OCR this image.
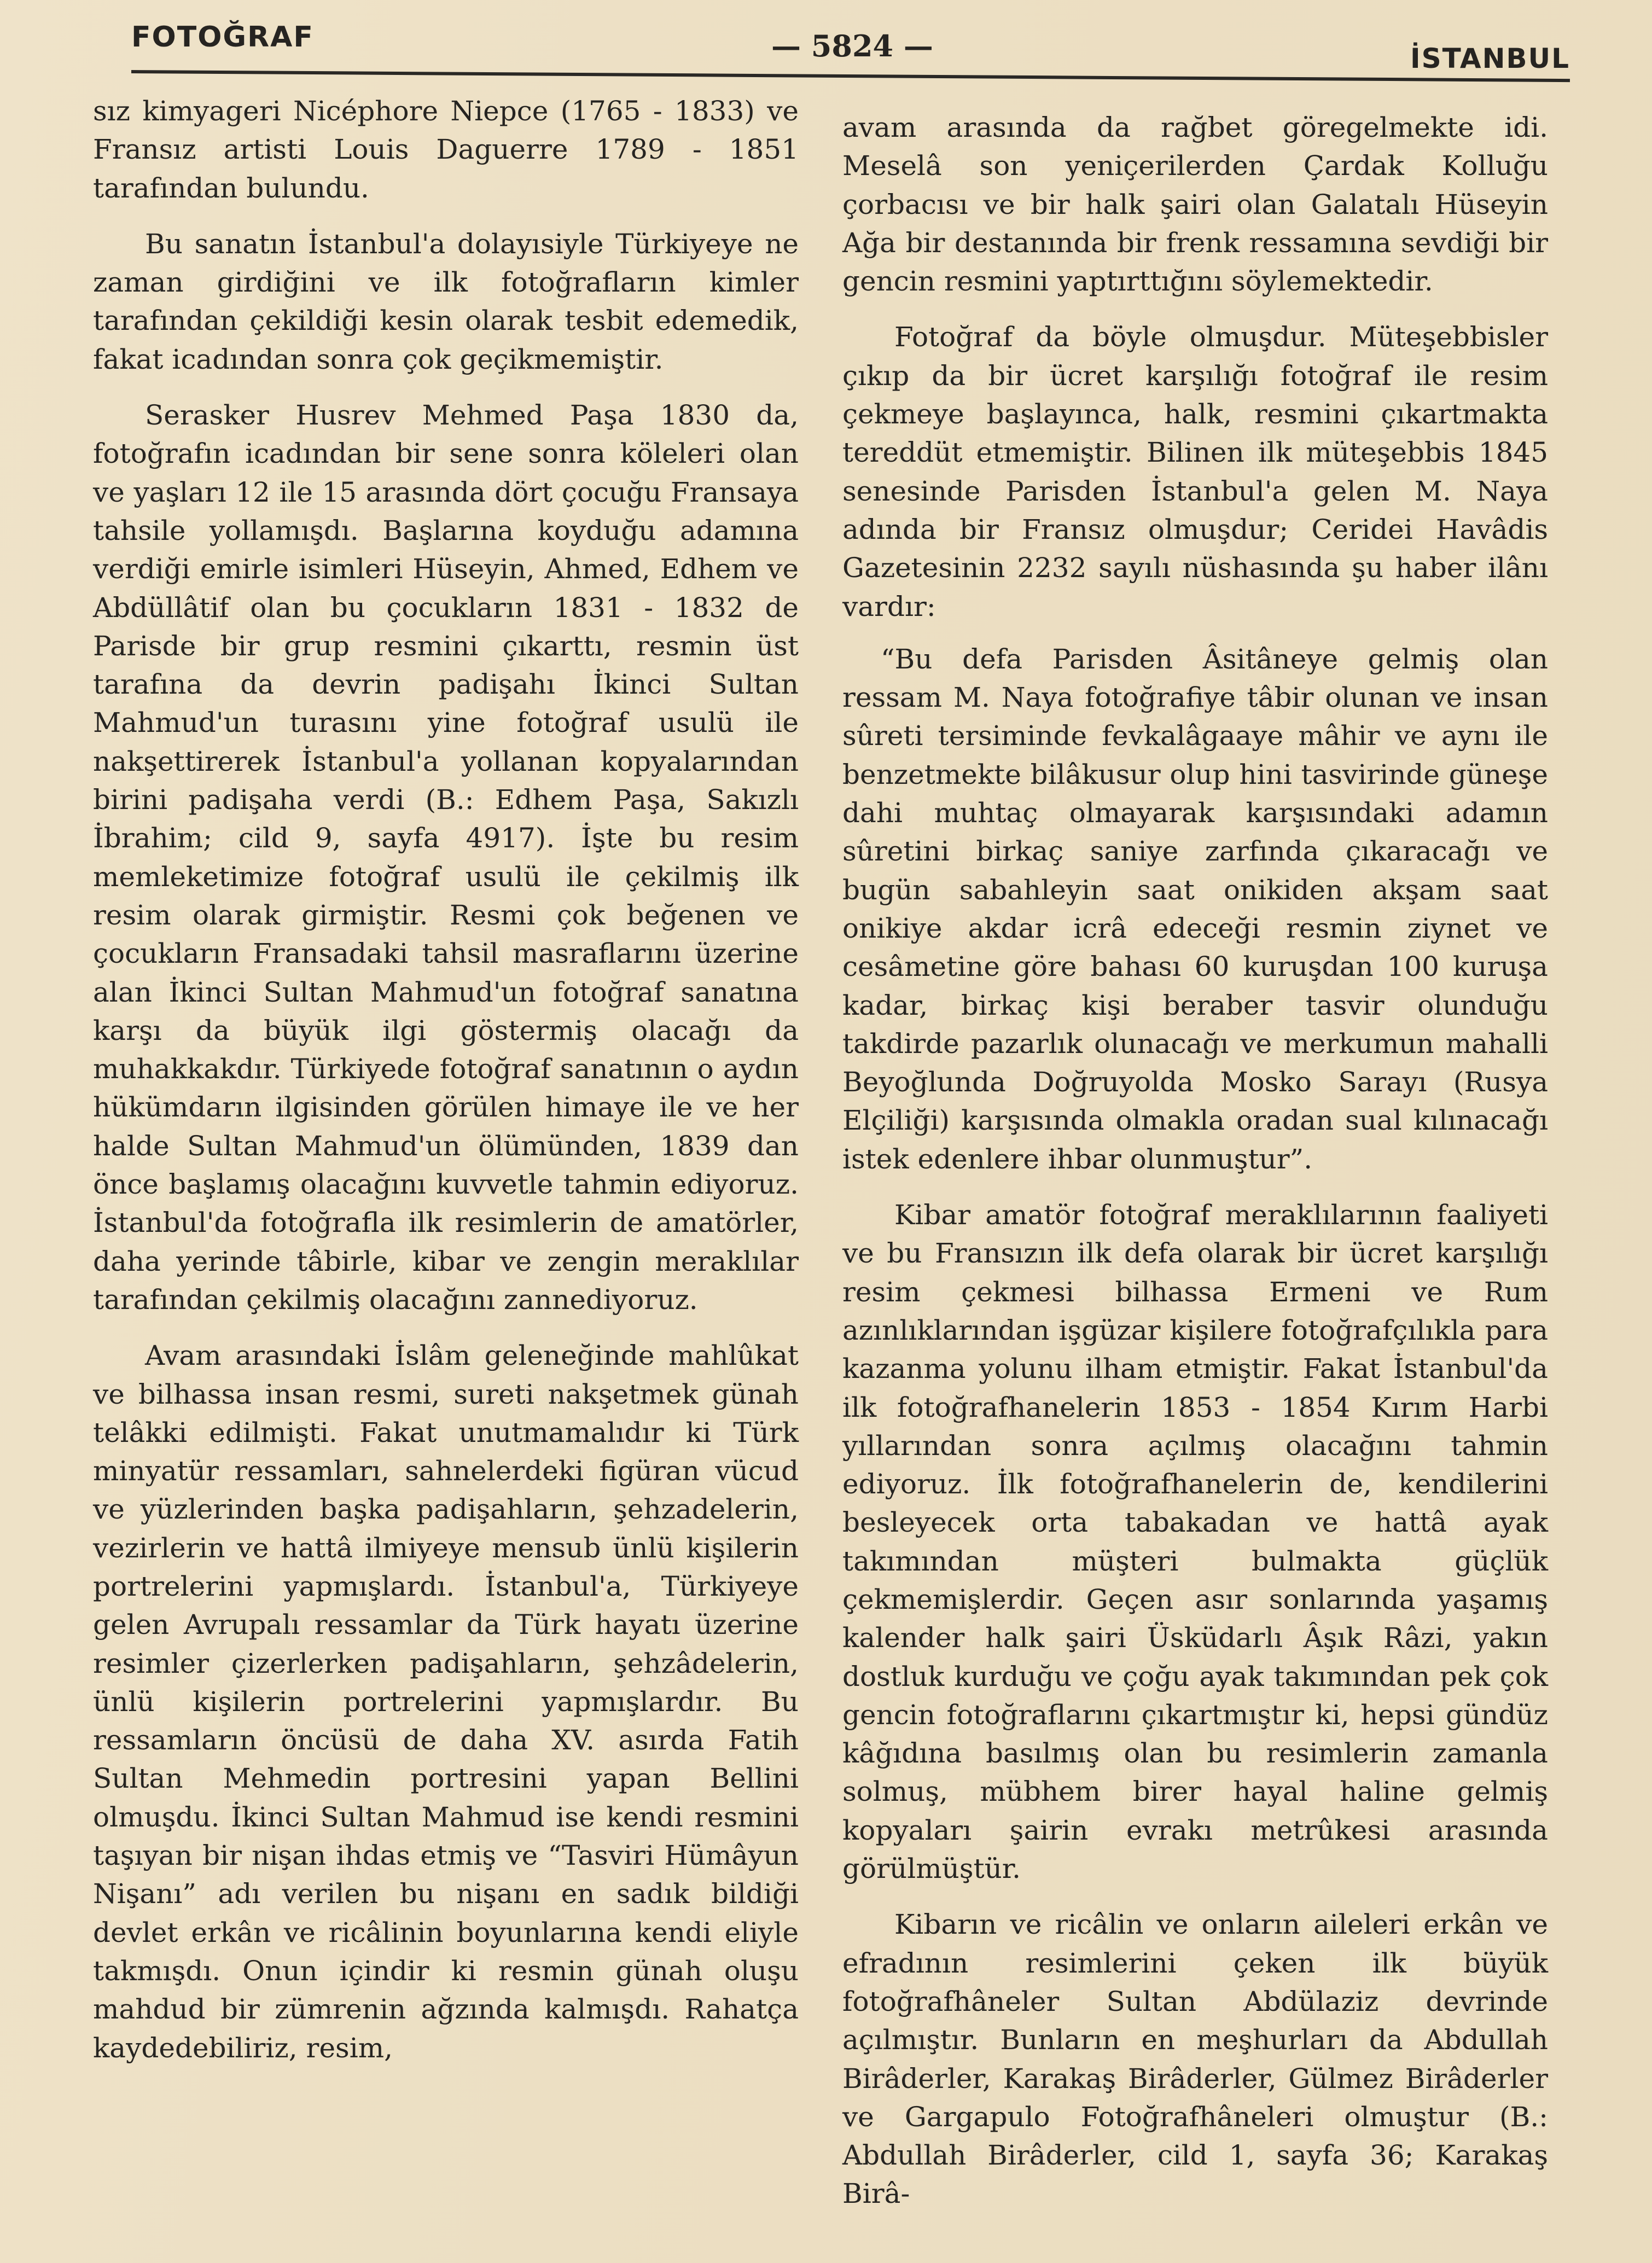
FOTOĞRAF	— 5824 —	İSTANBUL

sız kimyageri Nicéphore Niepce (1765 - 1833) ve Fransız artisti Louis Daguerre 1789 - 1851 tarafından bulundu.

Bu sanatın İstanbul'a dolayısiyle Türkiyeye ne zaman girdiğini ve ilk fotoğrafların kimler tarafından çekildiği kesin olarak tesbit edemedik, fakat icadından sonra çok geçikmemiştir.

Serasker Husrev Mehmed Paşa 1830 da, fotoğrafın icadından bir sene sonra köleleri olan ve yaşları 12 ile 15 arasında dört çocuğu Fransaya tahsile yollamışdı. Başlarına koyduğu adamına verdiği emirle isimleri Hüseyin, Ahmed, Edhem ve Abdüllâtif olan bu çocukların 1831 - 1832 de Parisde bir grup resmini çıkarttı, resmin üst tarafına da devrin padişahı İkinci Sultan Mahmud'un turasını yine fotoğraf usulü ile nakşettirerek İstanbul'a yollanan kopyalarından birini padişaha verdi (B.: Edhem Paşa, Sakızlı İbrahim; cild 9, sayfa 4917). İşte bu resim memleketimize fotoğraf usulü ile çekilmiş ilk resim olarak girmiştir. Resmi çok beğenen ve çocukların Fransadaki tahsil masraflarını üzerine alan İkinci Sultan Mahmud'un fotoğraf sanatına karşı da büyük ilgi göstermiş olacağı da muhakkakdır. Türkiyede fotoğraf sanatının o aydın hükümdarın ilgisinden görülen himaye ile ve her halde Sultan Mahmud'un ölümünden, 1839 dan önce başlamış olacağını kuvvetle tahmin ediyoruz. İstanbul'da fotoğrafla ilk resimlerin de amatörler, daha yerinde tâbirle, kibar ve zengin meraklılar tarafından çekilmiş olacağını zannediyoruz.

Avam arasındaki İslâm geleneğinde mahlûkat ve bilhassa insan resmi, sureti nakşetmek günah telâkki edilmişti. Fakat unutmamalıdır ki Türk minyatür ressamları, sahnelerdeki figüran vücud ve yüzlerinden başka padişahların, şehzadelerin, vezirlerin ve hattâ ilmiyeye mensub ünlü kişilerin portrelerini yapmışlardı. İstanbul'a, Türkiyeye gelen Avrupalı ressamlar da Türk hayatı üzerine resimler çizerlerken padişahların, şehzâdelerin, ünlü kişilerin portrelerini yapmışlardır. Bu ressamların öncüsü de daha XV. asırda Fatih Sultan Mehmedin portresini yapan Bellini olmuşdu. İkinci Sultan Mahmud ise kendi resmini taşıyan bir nişan ihdas etmiş ve “Tasviri Hümâyun Nişanı” adı verilen bu nişanı en sadık bildiği devlet erkân ve ricâlinin boyunlarına kendi eliyle takmışdı. Onun içindir ki resmin günah oluşu mahdud bir zümrenin ağzında kalmışdı. Rahatça kaydedebiliriz, resim,

avam arasında da rağbet göregelmekte idi. Meselâ son yeniçerilerden Çardak Kolluğu çorbacısı ve bir halk şairi olan Galatalı Hüseyin Ağa bir destanında bir frenk ressamına sevdiği bir gencin resmini yaptırttığını söylemektedir.

Fotoğraf da böyle olmuşdur. Müteşebbisler çıkıp da bir ücret karşılığı fotoğraf ile resim çekmeye başlayınca, halk, resmini çıkartmakta tereddüt etmemiştir. Bilinen ilk müteşebbis 1845 senesinde Parisden İstanbul'a gelen M. Naya adında bir Fransız olmuşdur; Ceridei Havâdis Gazetesinin 2232 sayılı nüshasında şu haber ilânı vardır:

“Bu defa Parisden Âsitâneye gelmiş olan ressam M. Naya fotoğrafiye tâbir olunan ve insan sûreti tersiminde fevkalâgaaye mâhir ve aynı ile benzetmekte bilâkusur olup hini tasvirinde güneşe dahi muhtaç olmayarak karşısındaki adamın sûretini birkaç saniye zarfında çıkaracağı ve bugün sabahleyin saat onikiden akşam saat onikiye akdar icrâ edeceği resmin ziynet ve cesâmetine göre bahası 60 kuruşdan 100 kuruşa kadar, birkaç kişi beraber tasvir olunduğu takdirde pazarlık olunacağı ve merkumun mahalli Beyoğlunda Doğruyolda Mosko Sarayı (Rusya Elçiliği) karşısında olmakla oradan sual kılınacağı istek edenlere ihbar olunmuştur”.

Kibar amatör fotoğraf meraklılarının faaliyeti ve bu Fransızın ilk defa olarak bir ücret karşılığı resim çekmesi bilhassa Ermeni ve Rum azınlıklarından işgüzar kişilere fotoğrafçılıkla para kazanma yolunu ilham etmiştir. Fakat İstanbul'da ilk fotoğrafhanelerin 1853 - 1854 Kırım Harbi yıllarından sonra açılmış olacağını tahmin ediyoruz. İlk fotoğrafhanelerin de, kendilerini besleyecek orta tabakadan ve hattâ ayak takımından müşteri bulmakta güçlük çekmemişlerdir. Geçen asır sonlarında yaşamış kalender halk şairi Üsküdarlı Âşık Râzi, yakın dostluk kurduğu ve çoğu ayak takımından pek çok gencin fotoğraflarını çıkartmıştır ki, hepsi gündüz kâğıdına basılmış olan bu resimlerin zamanla solmuş, mübhem birer hayal haline gelmiş kopyaları şairin evrakı metrûkesi arasında görülmüştür.

Kibarın ve ricâlin ve onların aileleri erkân ve efradının resimlerini çeken ilk büyük fotoğrafhâneler Sultan Abdülaziz devrinde açılmıştır. Bunların en meşhurları da Abdullah Birâderler, Karakaş Birâderler, Gülmez Birâderler ve Gargapulo Fotoğrafhâneleri olmuştur (B.: Abdullah Birâderler, cild 1, sayfa 36; Karakaş Birâ-
